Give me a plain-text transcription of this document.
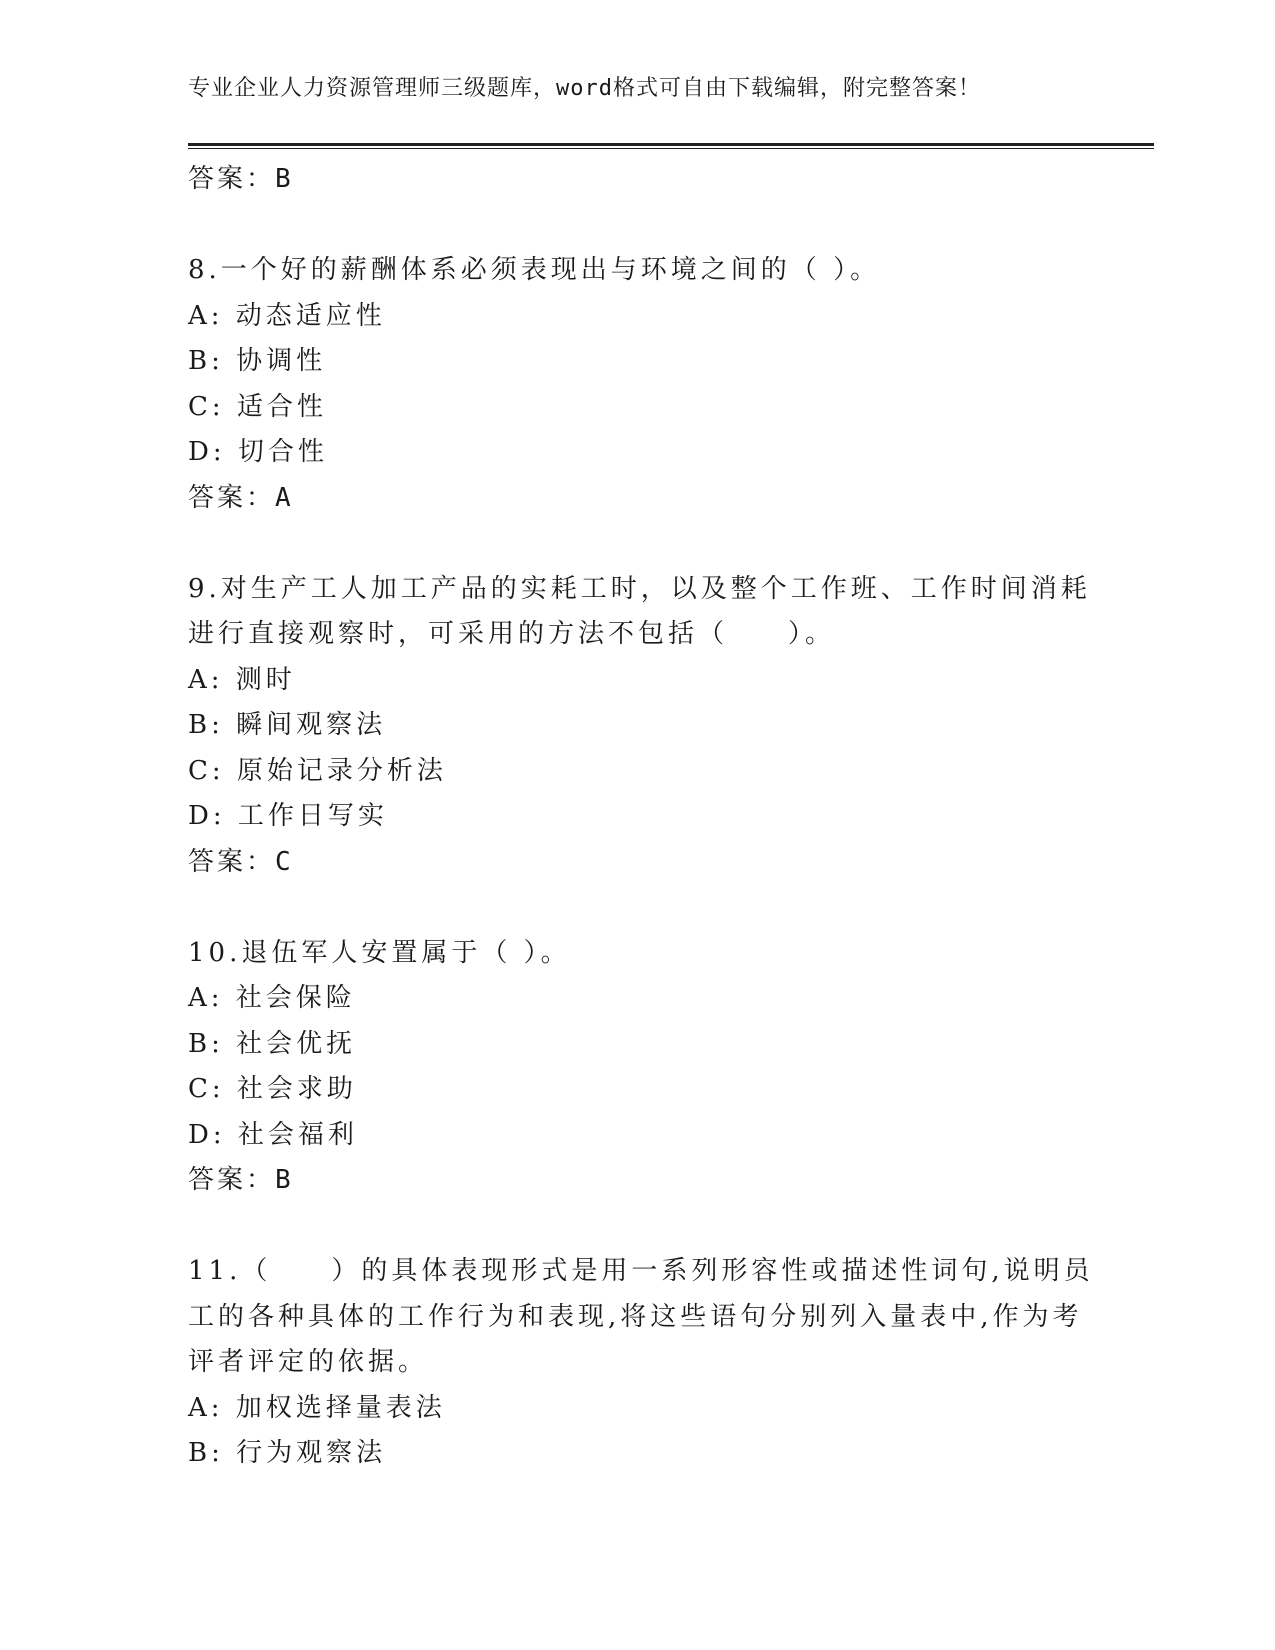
专业企业人力资源管理师三级题库，word格式可自由下载编辑，附完整答案！
答案：B
8.一个好的薪酬体系必须表现出与环境之间的（ ）。
A: 动态适应性
B: 协调性
C: 适合性
D: 切合性
答案：A
9.对生产工人加工产品的实耗工时，以及整个工作班、工作时间消耗
进行直接观察时，可采用的方法不包括（　　）。
A: 测时
B: 瞬间观察法
C: 原始记录分析法
D: 工作日写实
答案：C
10.退伍军人安置属于（ ）。
A: 社会保险
B: 社会优抚
C: 社会求助
D: 社会福利
答案：B
11.（　　）的具体表现形式是用一系列形容性或描述性词句,说明员
工的各种具体的工作行为和表现,将这些语句分别列入量表中,作为考
评者评定的依据。
A: 加权选择量表法
B: 行为观察法
